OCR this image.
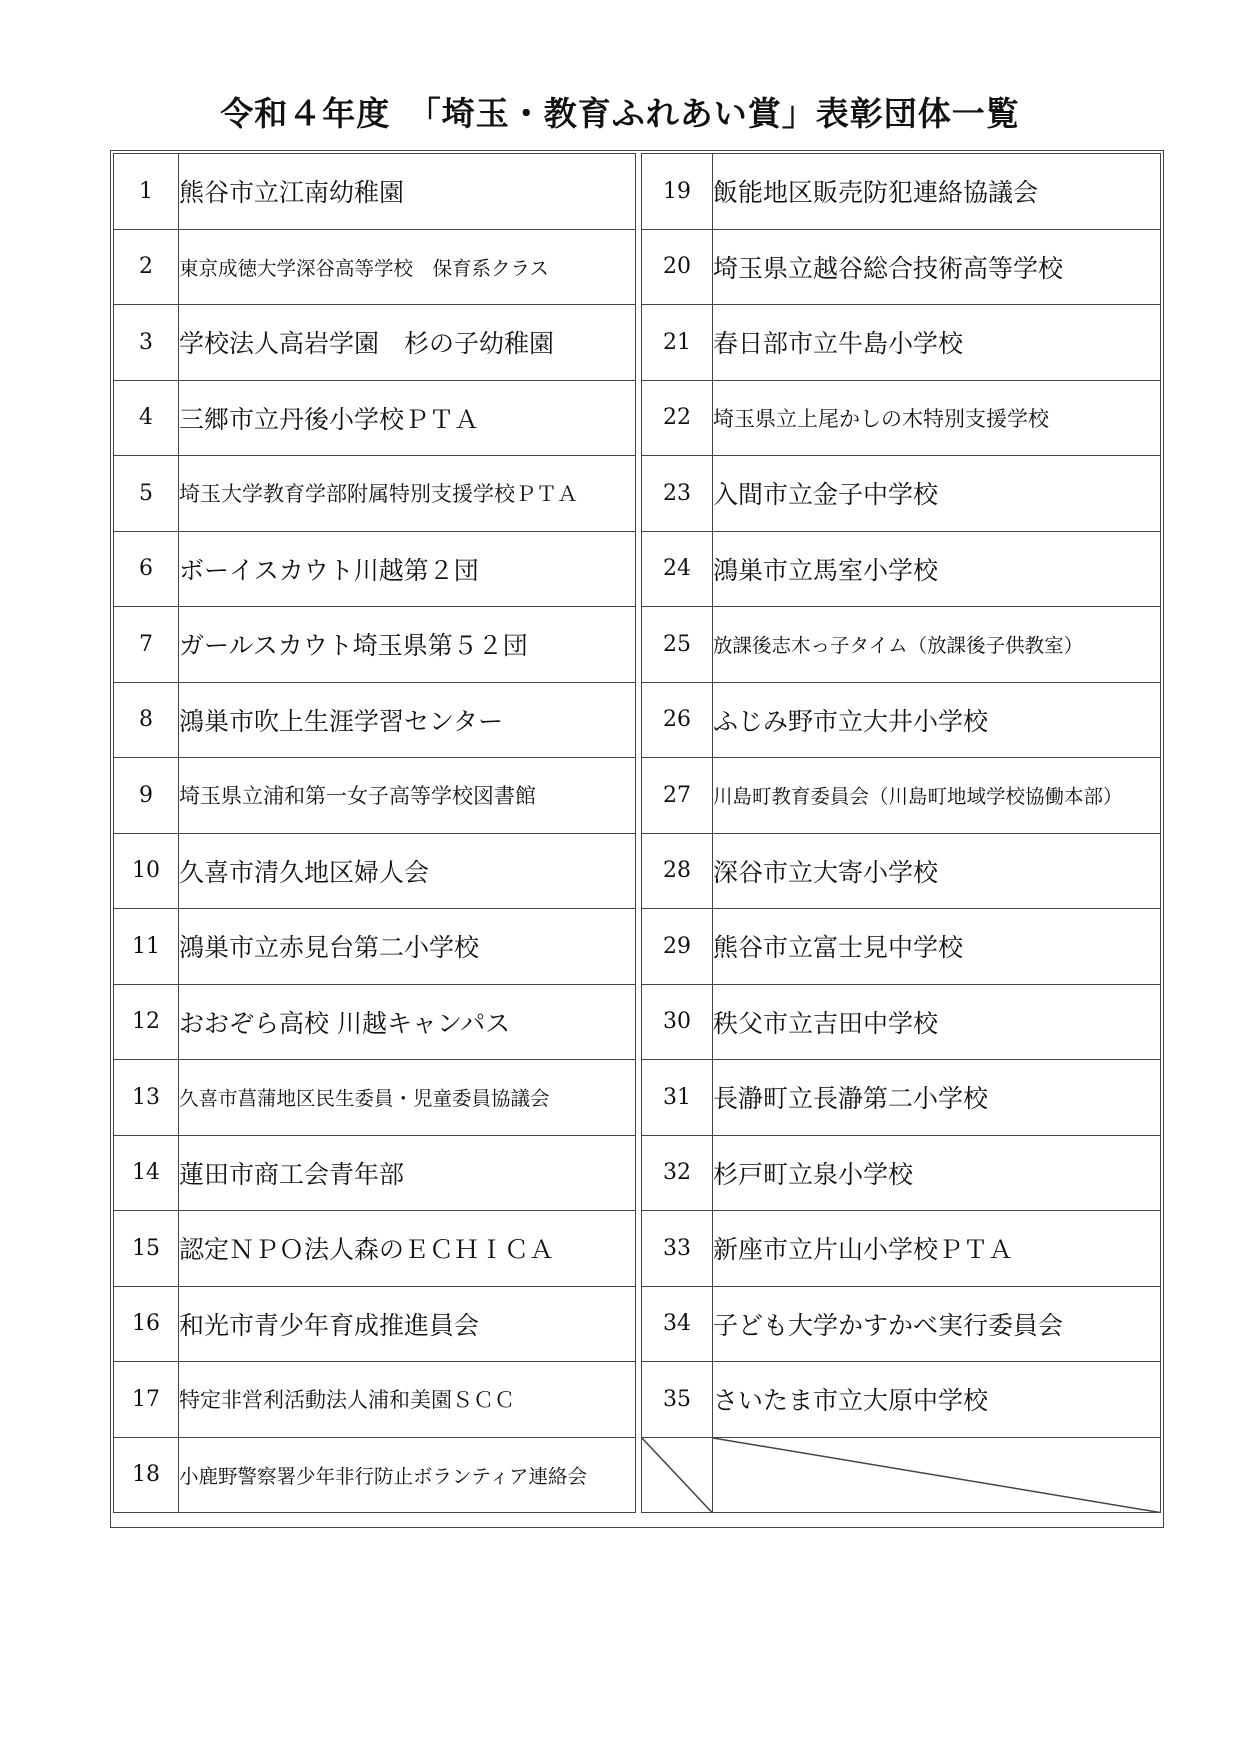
令和４年度　「埼玉・教育ふれあい賞」表彰団体一覧
1	熊谷市立江南幼稚園
2	東京成徳大学深谷高等学校　保育系クラス
3	学校法人高岩学園　杉の子幼稚園
4	三郷市立丹後小学校ＰＴＡ
5	埼玉大学教育学部附属特別支援学校ＰＴＡ
6	ボーイスカウト川越第２団
7	ガールスカウト埼玉県第５２団
8	鴻巣市吹上生涯学習センター
9	埼玉県立浦和第一女子高等学校図書館
10	久喜市清久地区婦人会
11	鴻巣市立赤見台第二小学校
12	おおぞら高校 川越キャンパス
13	久喜市菖蒲地区民生委員・児童委員協議会
14	蓮田市商工会青年部
15	認定ＮＰＯ法人森のＥＣＨＩＣＡ
16	和光市青少年育成推進員会
17	特定非営利活動法人浦和美園ＳＣＣ
18	小鹿野警察署少年非行防止ボランティア連絡会
19	飯能地区販売防犯連絡協議会
20	埼玉県立越谷総合技術高等学校
21	春日部市立牛島小学校
22	埼玉県立上尾かしの木特別支援学校
23	入間市立金子中学校
24	鴻巣市立馬室小学校
25	放課後志木っ子タイム（放課後子供教室）
26	ふじみ野市立大井小学校
27	川島町教育委員会（川島町地域学校協働本部）
28	深谷市立大寄小学校
29	熊谷市立富士見中学校
30	秩父市立吉田中学校
31	長瀞町立長瀞第二小学校
32	杉戸町立泉小学校
33	新座市立片山小学校ＰＴＡ
34	子ども大学かすかべ実行委員会
35	さいたま市立大原中学校
